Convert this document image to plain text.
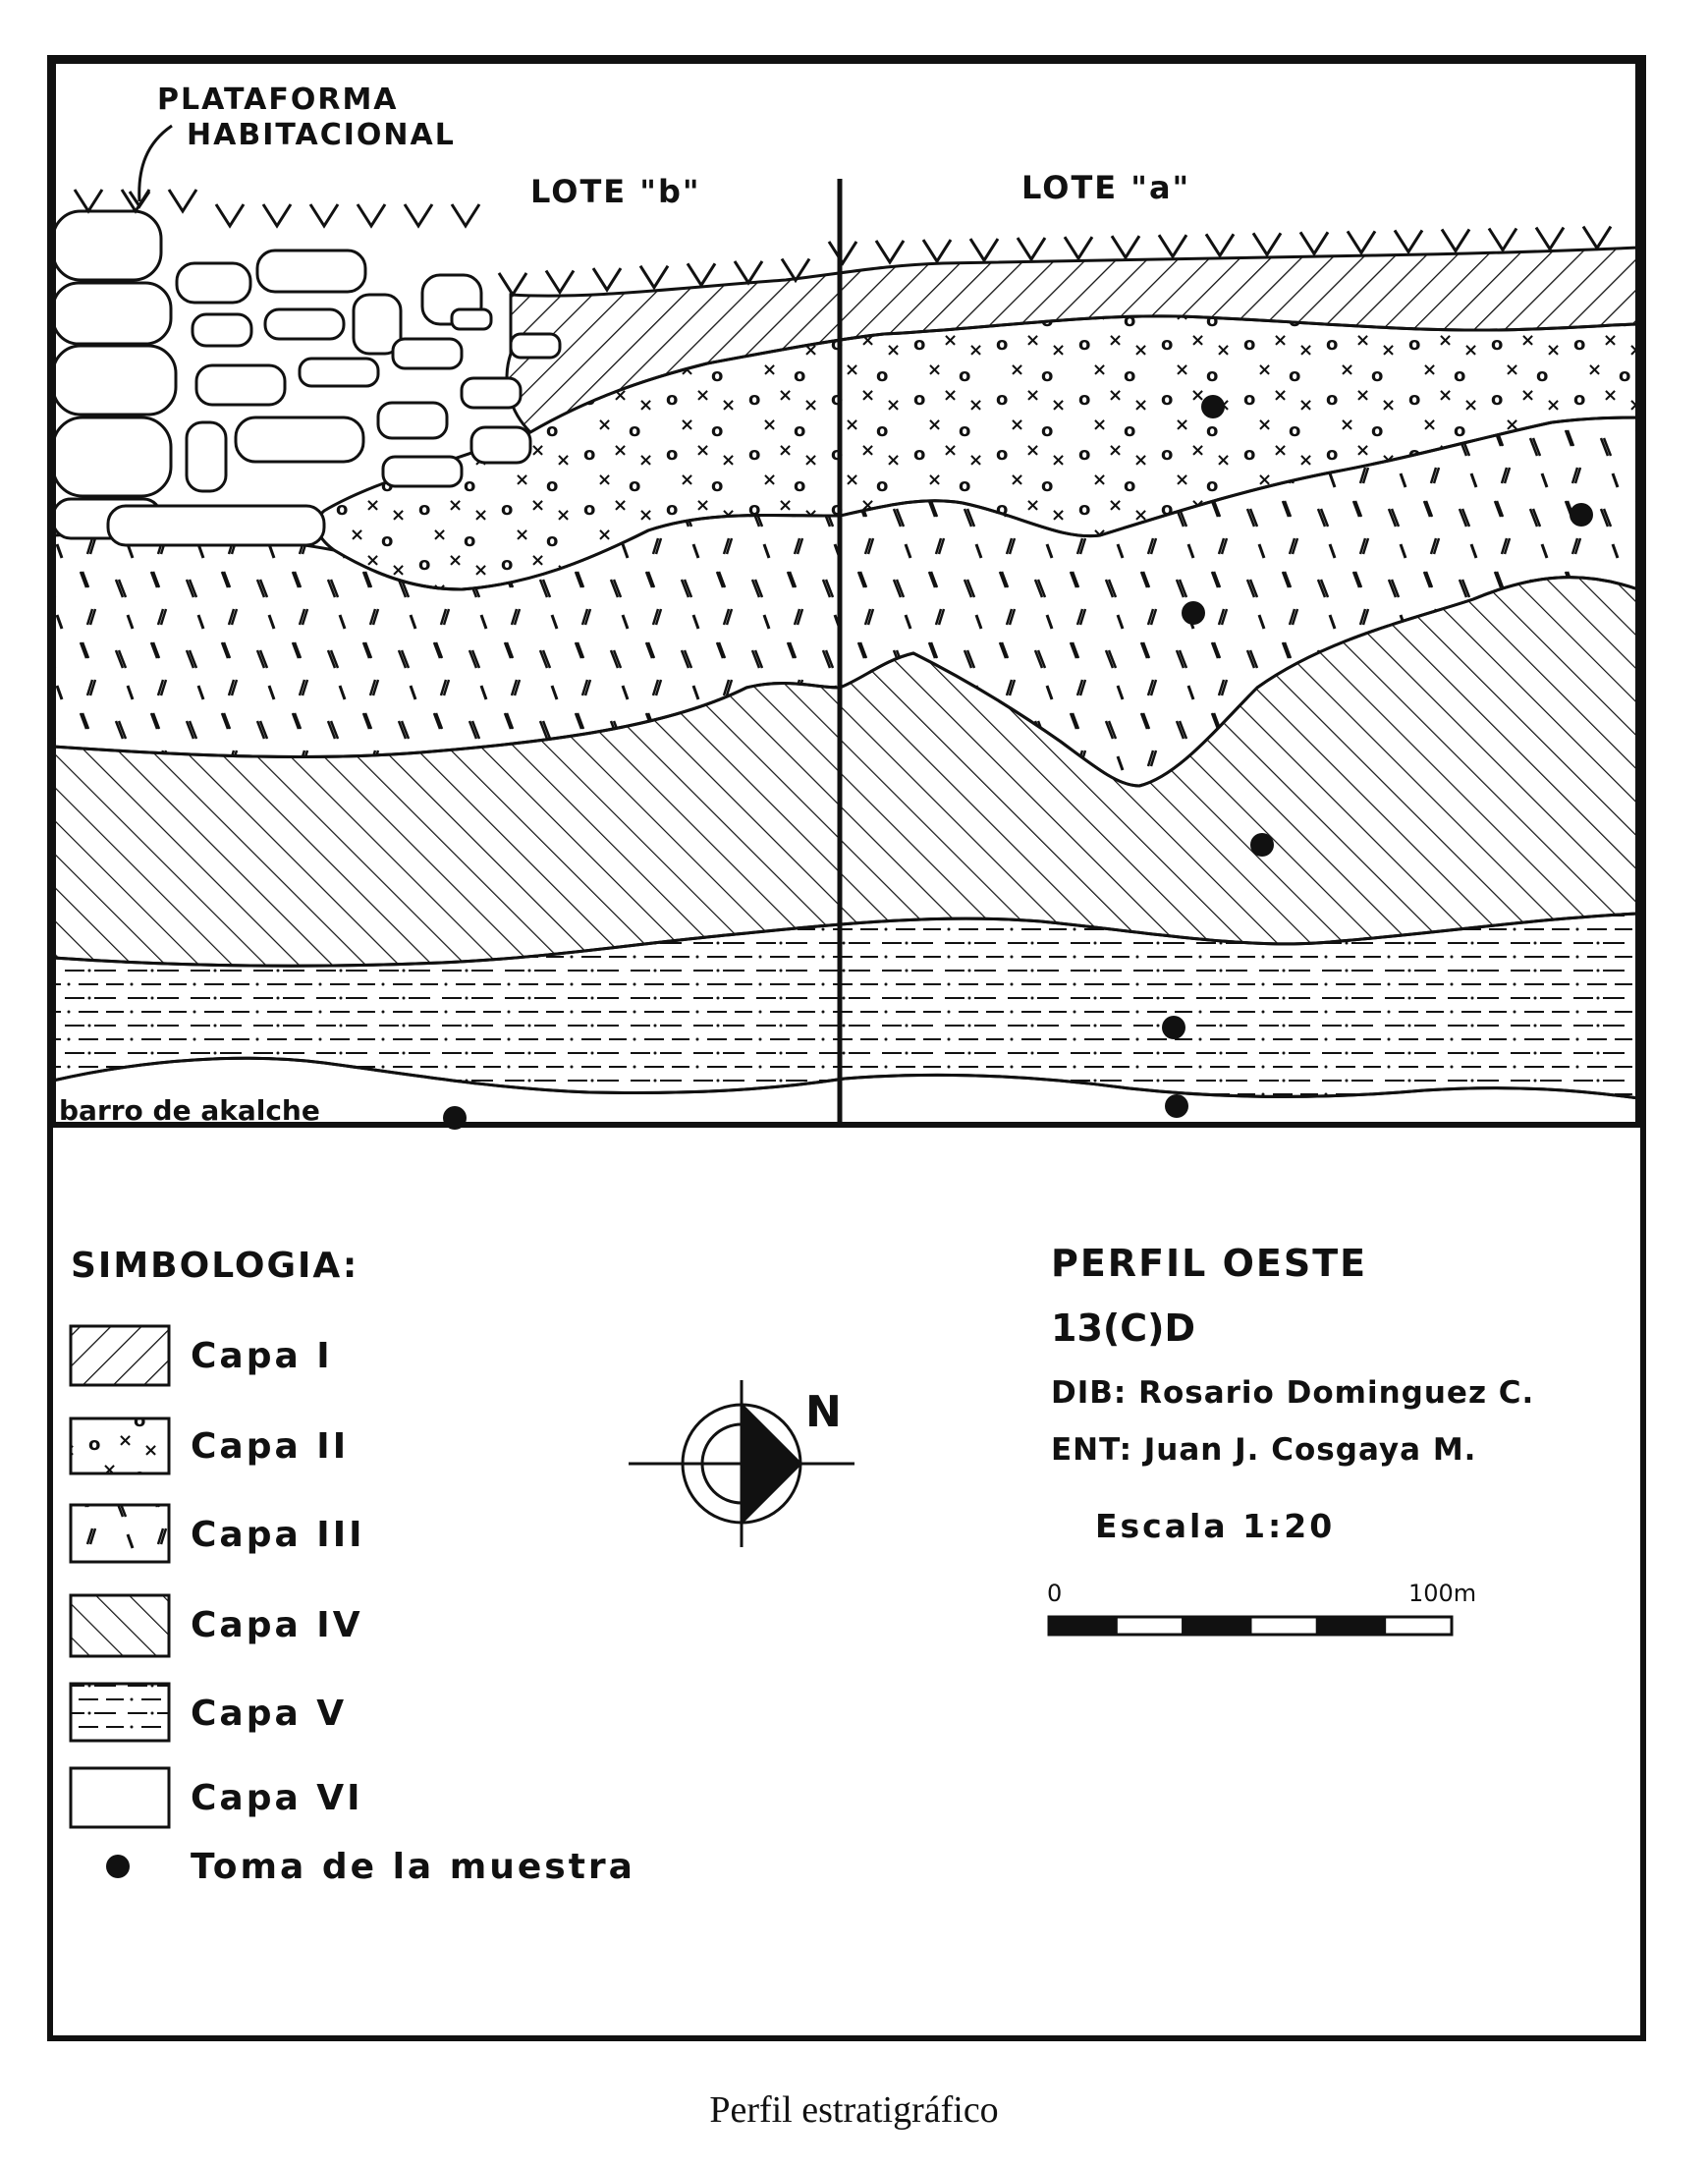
PLATAFORMA
HABITACIONAL
LOTE "b"	LOTE "a"
barro de akalche
SIMBOLOGIA:
Capa I
Capa II
Capa III
Capa IV
Capa V
Capa VI
Toma de la muestra
N
PERFIL OESTE
13(C)D
DIB: Rosario Dominguez C.
ENT: Juan J. Cosgaya M.
Escala 1:20
0	100m
Perfil estratigráfico
